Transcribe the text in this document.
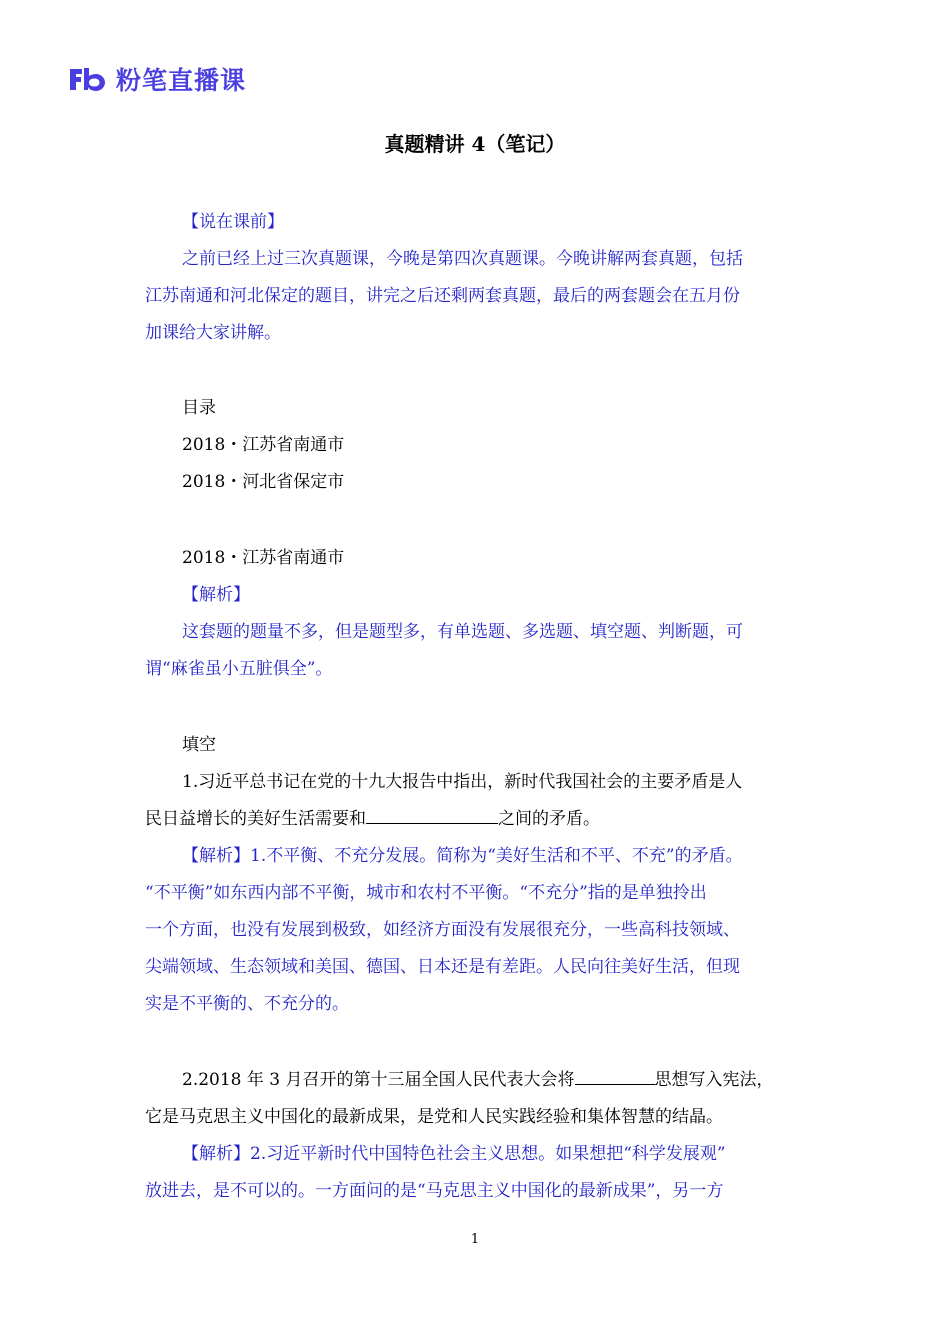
粉笔直播课
真题精讲 4（笔记）
【说在课前】
之前已经上过三次真题课，今晚是第四次真题课。今晚讲解两套真题，包括
江苏南通和河北保定的题目，讲完之后还剩两套真题，最后的两套题会在五月份
加课给大家讲解。
目录
2018・江苏省南通市
2018・河北省保定市
2018・江苏省南通市
【解析】
这套题的题量不多，但是题型多，有单选题、多选题、填空题、判断题，可
谓“麻雀虽小五脏俱全”。
填空
1.习近平总书记在党的十九大报告中指出，新时代我国社会的主要矛盾是人
民日益增长的美好生活需要和	之间的矛盾。
【解析】1.不平衡、不充分发展。简称为“美好生活和不平、不充”的矛盾。
“不平衡”如东西内部不平衡，城市和农村不平衡。“不充分”指的是单独拎出
一个方面，也没有发展到极致，如经济方面没有发展很充分，一些高科技领域、
尖端领域、生态领域和美国、德国、日本还是有差距。人民向往美好生活，但现
实是不平衡的、不充分的。
2.2018 年 3 月召开的第十三届全国人民代表大会将	思想写入宪法，
它是马克思主义中国化的最新成果，是党和人民实践经验和集体智慧的结晶。
【解析】2.习近平新时代中国特色社会主义思想。如果想把“科学发展观”
放进去，是不可以的。一方面问的是“马克思主义中国化的最新成果”，另一方
1
